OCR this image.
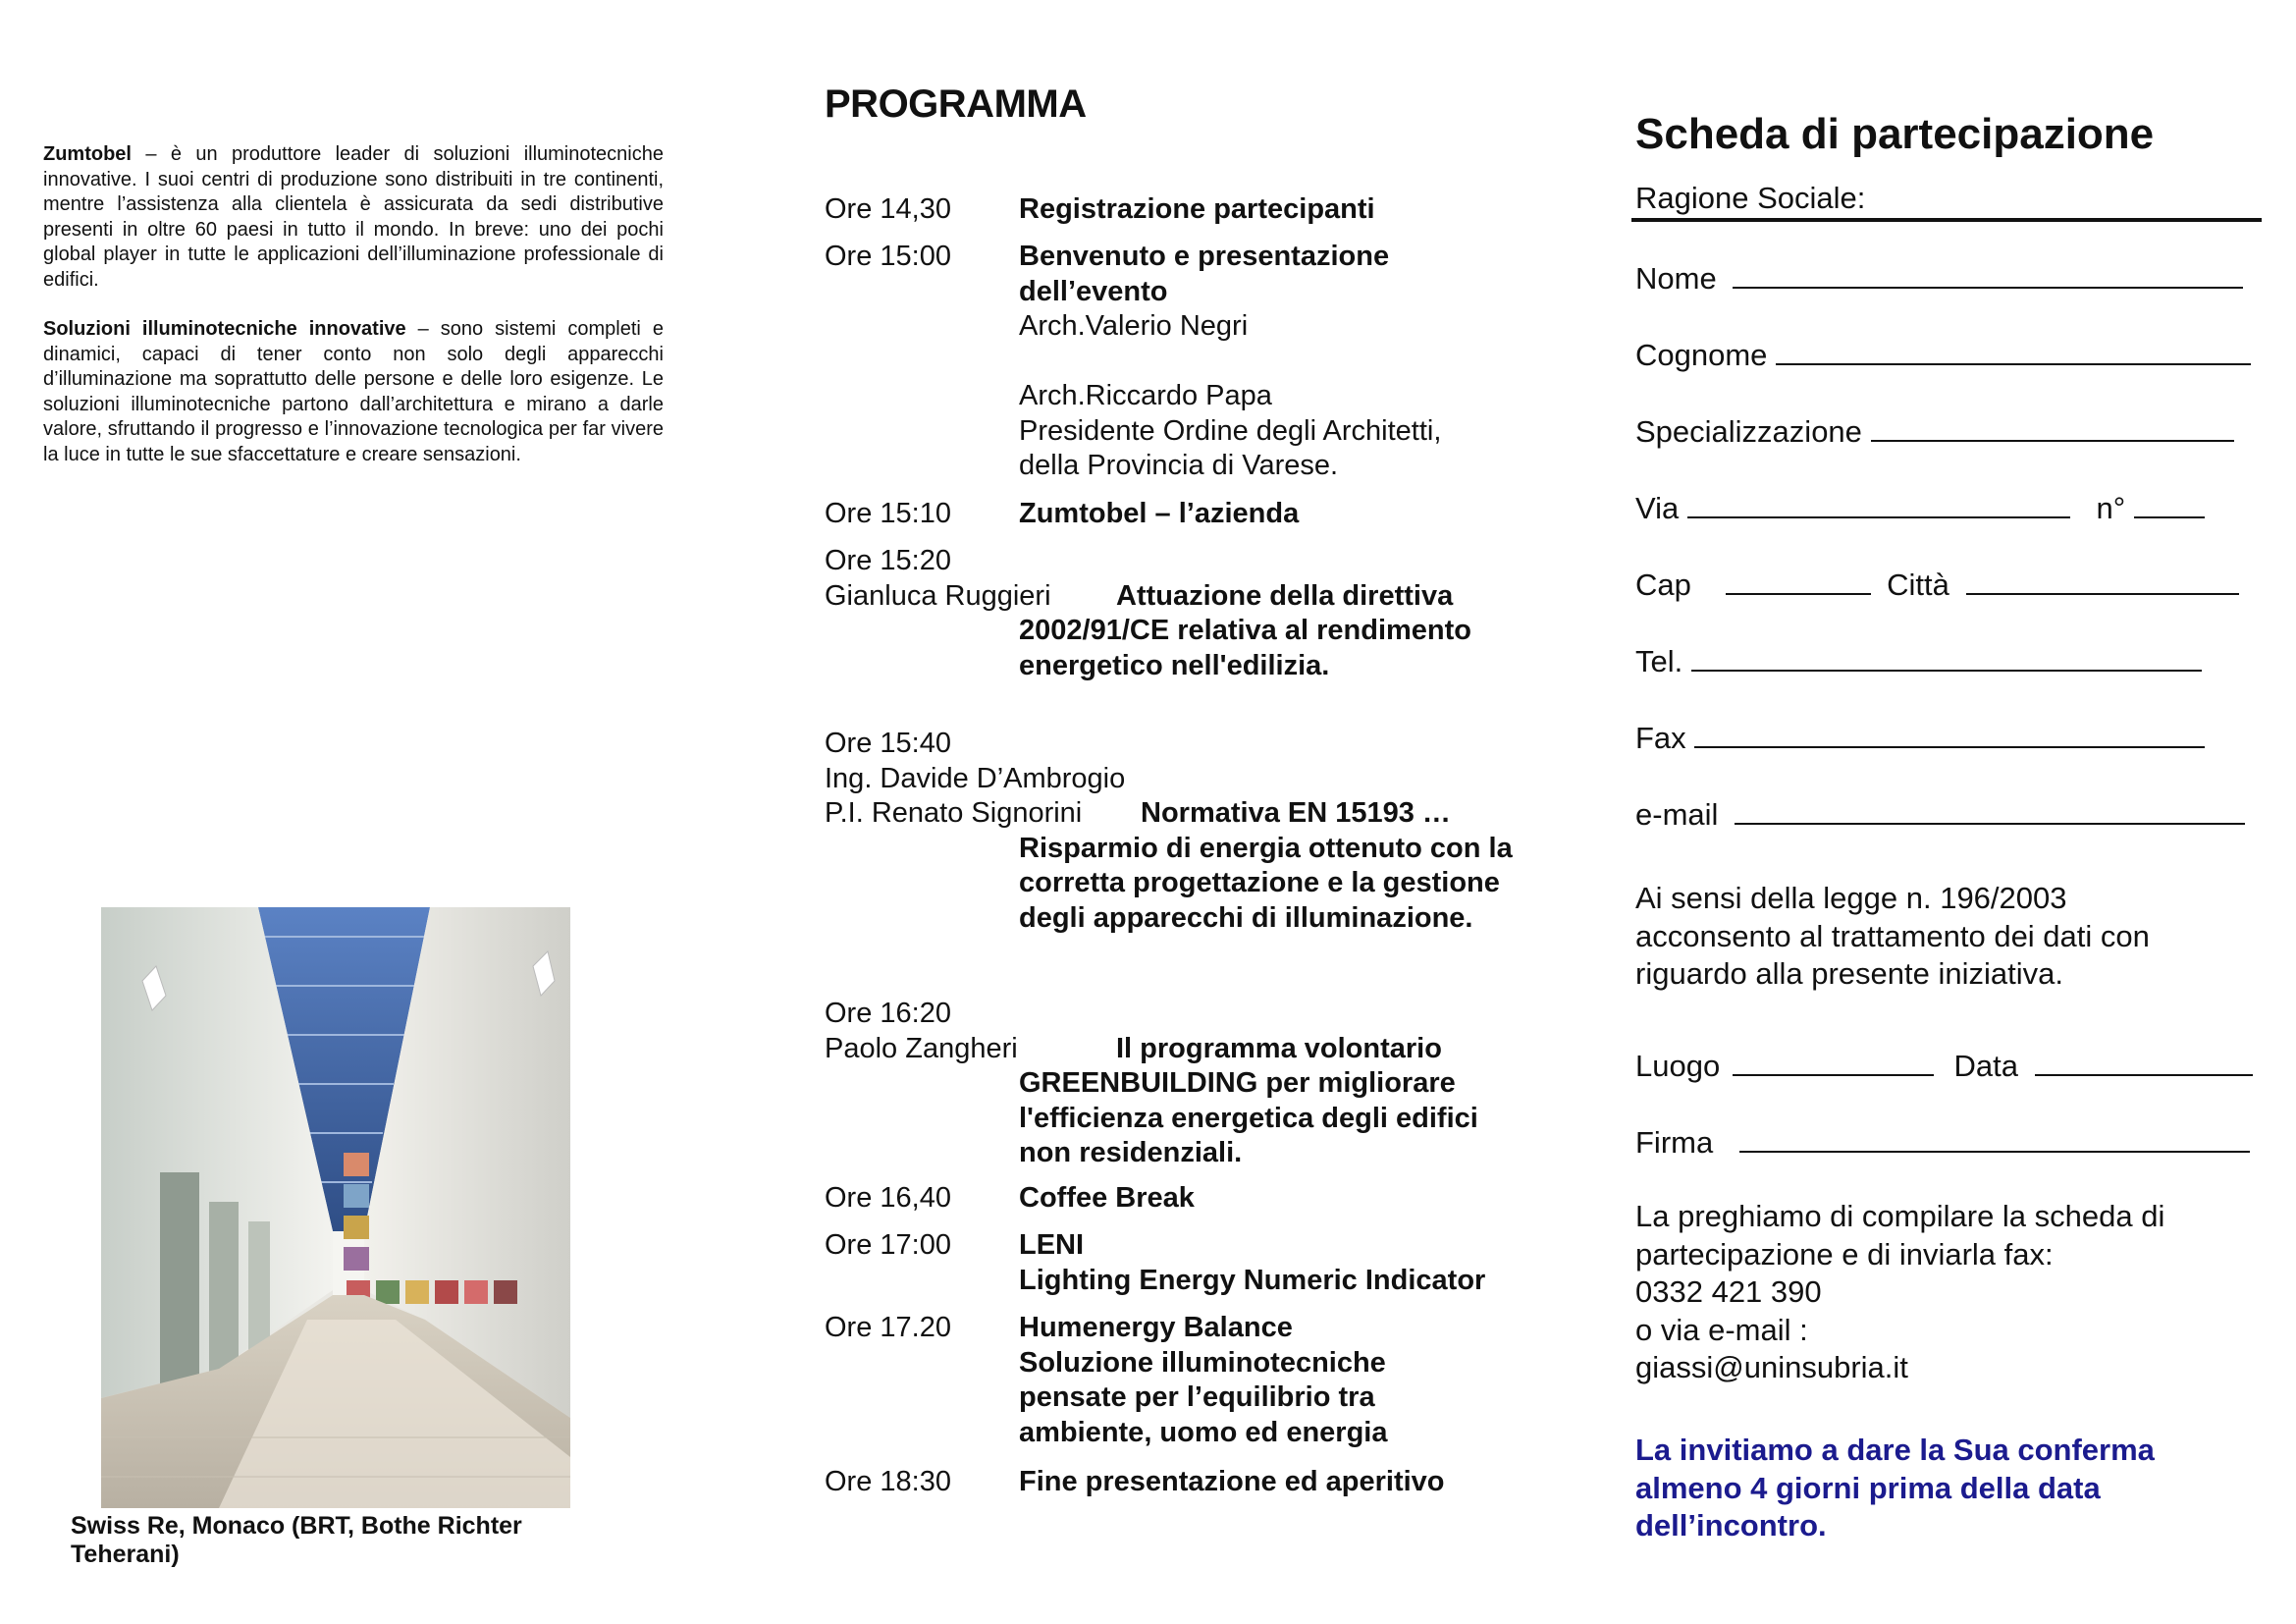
Zumtobel – è un produttore leader di soluzioni illuminotecniche innovative. I suoi centri di produzione sono distribuiti in tre continenti, mentre l’assistenza alla clientela è assicurata da sedi distributive presenti in oltre 60 paesi in tutto il mondo. In breve: uno dei pochi global player in tutte le applicazioni dell’illuminazione professionale di edifici.

Soluzioni illuminotecniche innovative – sono sistemi completi e dinamici, capaci di tener conto non solo degli apparecchi d’illuminazione ma soprattutto delle persone e delle loro esigenze. Le soluzioni illuminotecniche partono dall’architettura e mirano a darle valore, sfruttando il progresso e l’innovazione tecnologica per far vivere la luce in tutte le sue sfaccettature e creare sensazioni.

Swiss Re, Monaco (BRT, Bothe Richter Teherani)
PROGRAMMA
Ore 14,30 Registrazione partecipanti
Ore 15:00 Benvenuto e presentazione dell’evento
Arch.Valerio Negri
Arch.Riccardo Papa
Presidente Ordine degli Architetti,
della Provincia di Varese.
Ore 15:10 Zumtobel – l’azienda
Ore 15:20
Gianluca Ruggieri Attuazione della direttiva
2002/91/CE relativa al rendimento energetico nell'edilizia.
Ore 15:40
Ing. Davide D’Ambrogio
P.I. Renato Signorini Normativa EN 15193 …
Risparmio di energia ottenuto con la corretta progettazione e la gestione degli apparecchi di illuminazione.
Ore 16:20
Paolo Zangheri	Il programma volontario
GREENBUILDING per migliorare l'efficienza energetica degli edifici non residenziali.
Ore 16,40 Coffee Break
Ore 17:00 LENI
Lighting Energy Numeric Indicator
Ore 17.20 Humenergy Balance
Soluzione illuminotecniche pensate per l’equilibrio tra ambiente, uomo ed energia
Ore 18:30 Fine presentazione ed aperitivo
Scheda di partecipazione
Ragione Sociale:
Nome
Cognome
Specializzazione
Via	n°
Cap	Città
Tel.
Fax
e-mail
Ai sensi della legge n. 196/2003 acconsento al trattamento dei dati con riguardo alla presente iniziativa.
Luogo	Data
Firma
La preghiamo di compilare la scheda di partecipazione e di inviarla fax:
0332 421 390
o via e-mail :
giassi@uninsubria.it
La invitiamo a dare la Sua conferma almeno 4 giorni prima della data dell’incontro.
